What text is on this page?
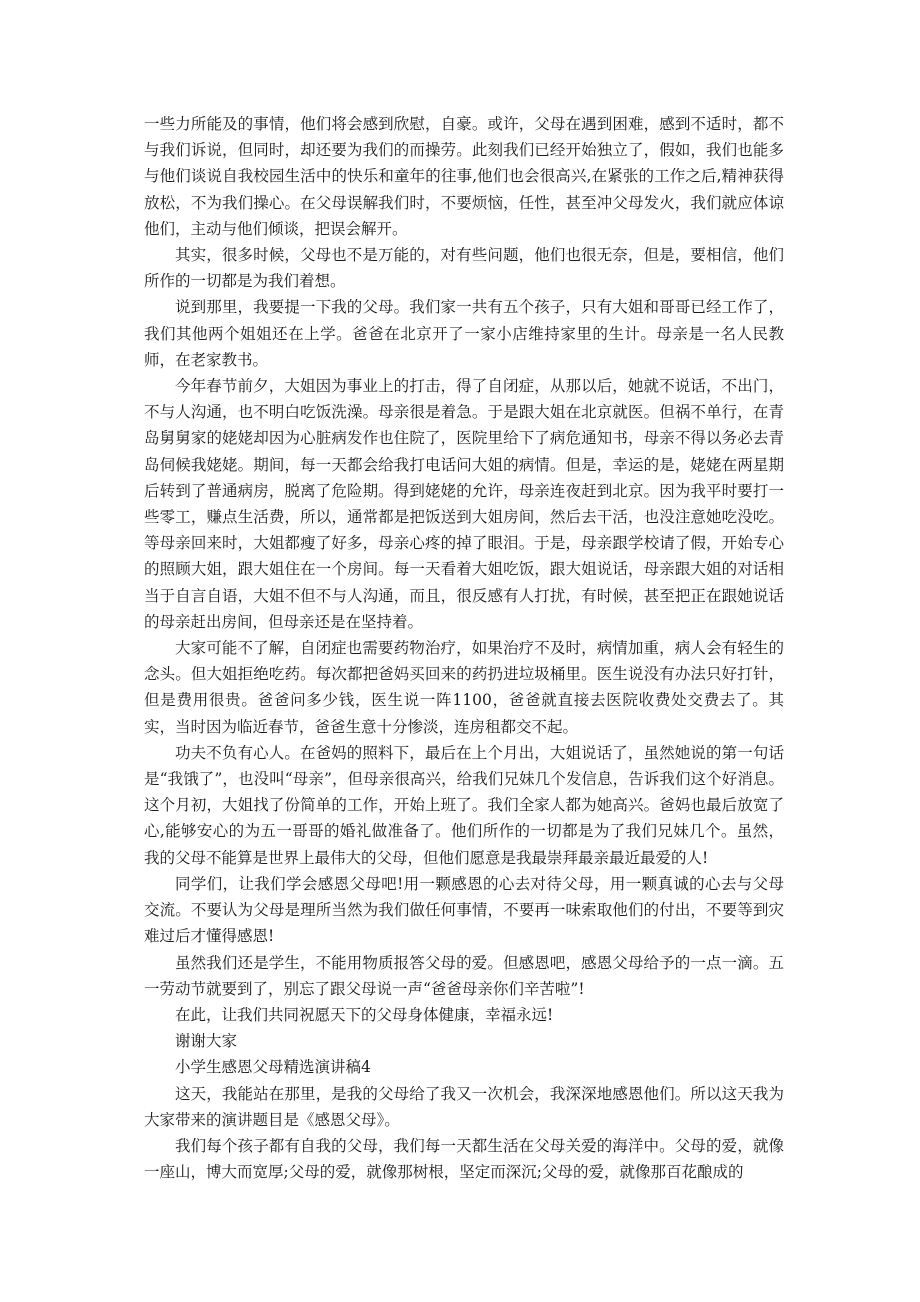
一些力所能及的事情，他们将会感到欣慰，自豪。或许，父母在遇到困难，感到不适时，都不与我们诉说，但同时，却还要为我们的而操劳。此刻我们已经开始独立了，假如，我们也能多与他们谈说自我校园生活中的快乐和童年的往事,他们也会很高兴,在紧张的工作之后,精神获得放松，不为我们操心。在父母误解我们时，不要烦恼，任性，甚至冲父母发火，我们就应体谅他们，主动与他们倾谈，把误会解开。

其实，很多时候，父母也不是万能的，对有些问题，他们也很无奈，但是，要相信，他们所作的一切都是为我们着想。

说到那里，我要提一下我的父母。我们家一共有五个孩子，只有大姐和哥哥已经工作了，我们其他两个姐姐还在上学。爸爸在北京开了一家小店维持家里的生计。母亲是一名人民教师，在老家教书。

今年春节前夕，大姐因为事业上的打击，得了自闭症，从那以后，她就不说话，不出门，不与人沟通，也不明白吃饭洗澡。母亲很是着急。于是跟大姐在北京就医。但祸不单行，在青岛舅舅家的姥姥却因为心脏病发作也住院了，医院里给下了病危通知书，母亲不得以务必去青岛伺候我姥姥。期间，每一天都会给我打电话问大姐的病情。但是，幸运的是，姥姥在两星期后转到了普通病房，脱离了危险期。得到姥姥的允许，母亲连夜赶到北京。因为我平时要打一些零工，赚点生活费，所以，通常都是把饭送到大姐房间，然后去干活，也没注意她吃没吃。等母亲回来时，大姐都瘦了好多，母亲心疼的掉了眼泪。于是，母亲跟学校请了假，开始专心的照顾大姐，跟大姐住在一个房间。每一天看着大姐吃饭，跟大姐说话，母亲跟大姐的对话相当于自言自语，大姐不但不与人沟通，而且，很反感有人打扰，有时候，甚至把正在跟她说话的母亲赶出房间，但母亲还是在坚持着。

大家可能不了解，自闭症也需要药物治疗，如果治疗不及时，病情加重，病人会有轻生的念头。但大姐拒绝吃药。每次都把爸妈买回来的药扔进垃圾桶里。医生说没有办法只好打针，但是费用很贵。爸爸问多少钱，医生说一阵1100，爸爸就直接去医院收费处交费去了。其实，当时因为临近春节，爸爸生意十分惨淡，连房租都交不起。

功夫不负有心人。在爸妈的照料下，最后在上个月出，大姐说话了，虽然她说的第一句话是“我饿了”，也没叫“母亲”，但母亲很高兴，给我们兄妹几个发信息，告诉我们这个好消息。这个月初，大姐找了份简单的工作，开始上班了。我们全家人都为她高兴。爸妈也最后放宽了心,能够安心的为五一哥哥的婚礼做准备了。他们所作的一切都是为了我们兄妹几个。虽然，我的父母不能算是世界上最伟大的父母，但他们愿意是我最崇拜最亲最近最爱的人!

同学们，让我们学会感恩父母吧!用一颗感恩的心去对待父母，用一颗真诚的心去与父母交流。不要认为父母是理所当然为我们做任何事情，不要再一味索取他们的付出，不要等到灾难过后才懂得感恩!

虽然我们还是学生，不能用物质报答父母的爱。但感恩吧，感恩父母给予的一点一滴。五一劳动节就要到了，别忘了跟父母说一声“爸爸母亲你们辛苦啦”!

在此，让我们共同祝愿天下的父母身体健康，幸福永远!

谢谢大家

小学生感恩父母精选演讲稿4

这天，我能站在那里，是我的父母给了我又一次机会，我深深地感恩他们。所以这天我为大家带来的演讲题目是《感恩父母》。

我们每个孩子都有自我的父母，我们每一天都生活在父母关爱的海洋中。父母的爱，就像一座山，博大而宽厚;父母的爱，就像那树根，坚定而深沉;父母的爱，就像那百花酿成的
